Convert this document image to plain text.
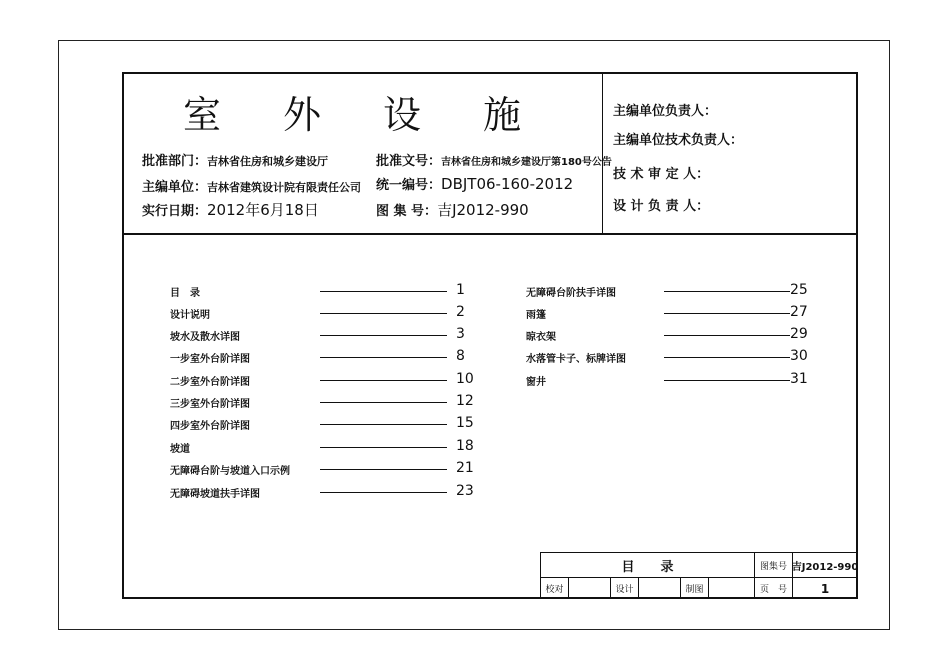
室 外 设 施
批准部门：吉林省住房和城乡建设厅
主编单位：吉林省建筑设计院有限责任公司
实行日期：2012年6月18日
批准文号：吉林省住房和城乡建设厅第180号公告
统一编号：DBJT06-160-2012
图 集 号：吉J2012-990
主编单位负责人：
主编单位技术负责人：
技 术 审 定 人：
设 计 负 责 人：
目　录	1
设计说明	2
坡水及散水详图	3
一步室外台阶详图	8
二步室外台阶详图	10
三步室外台阶详图	12
四步室外台阶详图	15
坡道	18
无障碍台阶与坡道入口示例	21
无障碍坡道扶手详图	23
无障碍台阶扶手详图	25
雨篷	27
晾衣架	29
水落管卡子、标牌详图	30
窗井	31
目　　录	图集号 吉J2012-990
校对	设计	制图	页　号	1
